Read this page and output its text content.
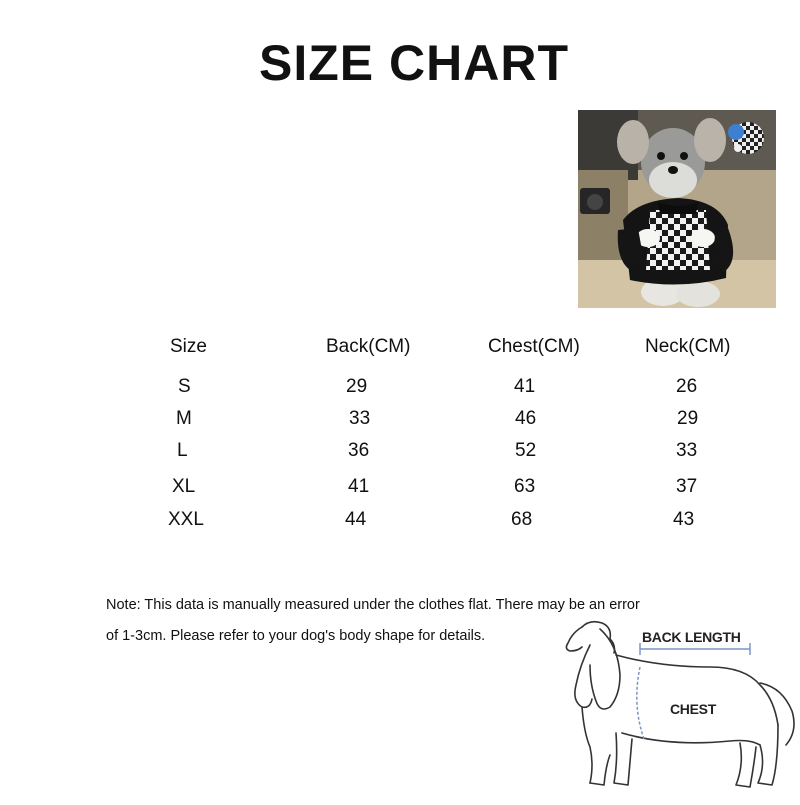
SIZE CHART
Size	Back(CM)	Chest(CM)	Neck(CM)
S	29	41	26
M	33	46	29
L	36	52	33
XL	41	63	37
XXL	44	68	43

Note: This data is manually measured under the clothes flat. There may be an error of 1-3cm. Please refer to your dog's body shape for details.	BACK LENGTH
CHEST
